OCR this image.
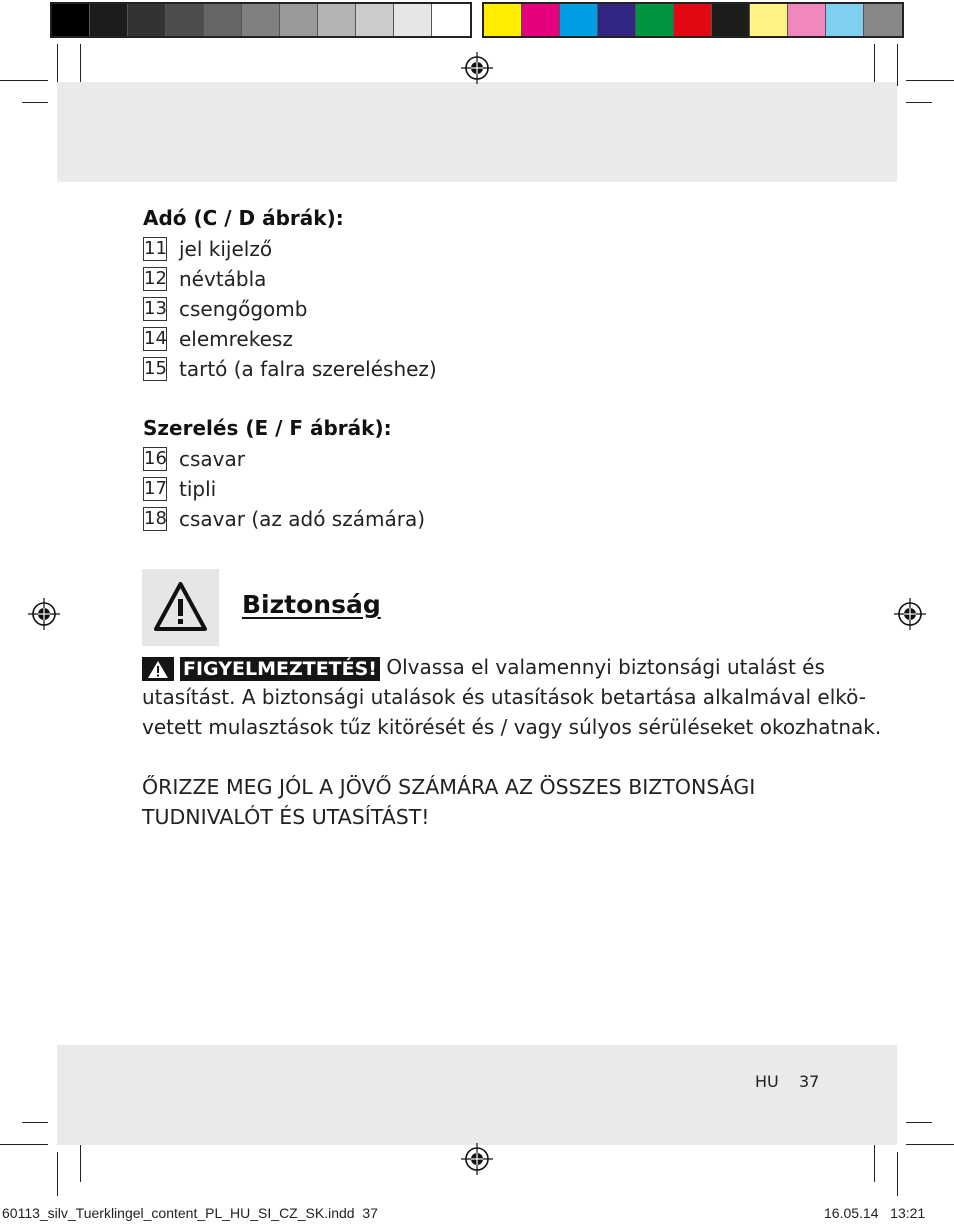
Adó (C / D ábrák):
11 jel kijelző
12 névtábla
13 csengőgomb
14 elemrekesz
15 tartó (a falra szereléshez)
Szerelés (E / F ábrák):
16 csavar
17 tipli
18 csavar (az adó számára)
Biztonság
FIGYELMEZTETÉS! Olvassa el valamennyi biztonsági utalást és
utasítást. A biztonsági utalások és utasítások betartása alkalmával elkö-
vetett mulasztások tűz kitörését és / vagy súlyos sérüléseket okozhatnak.
ŐRIZZE MEG JÓL A JÖVŐ SZÁMÁRA AZ ÖSSZES BIZTONSÁGI
TUDNIVALÓT ÉS UTASÍTÁST!
HU 37
60113_silv_Tuerklingel_content_PL_HU_SI_CZ_SK.indd 37	16.05.14 13:21
